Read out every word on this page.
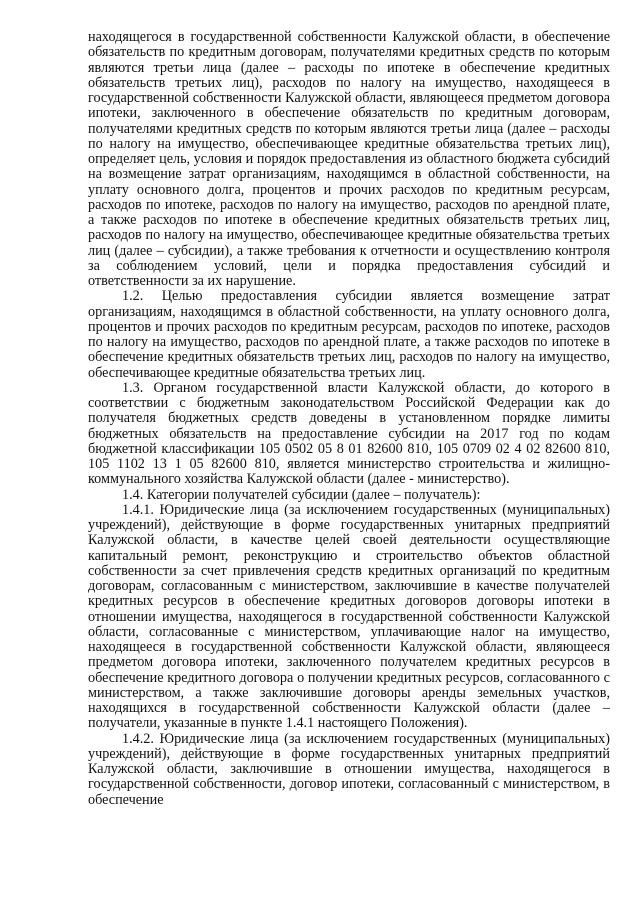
находящегося в государственной собственности Калужской области, в обеспечение обязательств по кредитным договорам, получателями кредитных средств по которым являются третьи лица (далее – расходы по ипотеке в обеспечение кредитных обязательств третьих лиц), расходов по налогу на имущество, находящееся в государственной собственности Калужской области, являющееся предметом договора ипотеки, заключенного в обеспечение обязательств по кредитным договорам, получателями кредитных средств по которым являются третьи лица (далее – расходы по налогу на имущество, обеспечивающее кредитные обязательства третьих лиц), определяет цель, условия и порядок предоставления из областного бюджета субсидий на возмещение затрат организациям, находящимся в областной собственности, на уплату основного долга, процентов и прочих расходов по кредитным ресурсам, расходов по ипотеке, расходов по налогу на имущество, расходов по арендной плате, а также расходов по ипотеке в обеспечение кредитных обязательств третьих лиц, расходов по налогу на имущество, обеспечивающее кредитные обязательства третьих лиц (далее – субсидии), а также требования к отчетности и осуществлению контроля за соблюдением условий, цели и порядка предоставления субсидий и ответственности за их нарушение.

1.2. Целью предоставления субсидии является возмещение затрат организациям, находящимся в областной собственности, на уплату основного долга, процентов и прочих расходов по кредитным ресурсам, расходов по ипотеке, расходов по налогу на имущество, расходов по арендной плате, а также расходов по ипотеке в обеспечение кредитных обязательств третьих лиц, расходов по налогу на имущество, обеспечивающее кредитные обязательства третьих лиц.

1.3. Органом государственной власти Калужской области, до которого в соответствии с бюджетным законодательством Российской Федерации как до получателя бюджетных средств доведены в установленном порядке лимиты бюджетных обязательств на предоставление субсидии на 2017 год по кодам бюджетной классификации 105 0502 05 8 01 82600 810, 105 0709 02 4 02 82600 810, 105 1102 13 1 05 82600 810, является министерство строительства и жилищно-коммунального хозяйства Калужской области (далее - министерство).

1.4. Категории получателей субсидии (далее – получатель):

1.4.1. Юридические лица (за исключением государственных (муниципальных) учреждений), действующие в форме государственных унитарных предприятий Калужской области, в качестве целей своей деятельности осуществляющие капитальный ремонт, реконструкцию и строительство объектов областной собственности за счет привлечения средств кредитных организаций по кредитным договорам, согласованным с министерством, заключившие в качестве получателей кредитных ресурсов в обеспечение кредитных договоров договоры ипотеки в отношении имущества, находящегося в государственной собственности Калужской области, согласованные с министерством, уплачивающие налог на имущество, находящееся в государственной собственности Калужской области, являющееся предметом договора ипотеки, заключенного получателем кредитных ресурсов в обеспечение кредитного договора о получении кредитных ресурсов, согласованного с министерством, а также заключившие договоры аренды земельных участков, находящихся в государственной собственности Калужской области (далее – получатели, указанные в пункте 1.4.1 настоящего Положения).

1.4.2. Юридические лица (за исключением государственных (муниципальных) учреждений), действующие в форме государственных унитарных предприятий Калужской области, заключившие в отношении имущества, находящегося в государственной собственности, договор ипотеки, согласованный с министерством, в обеспечение
